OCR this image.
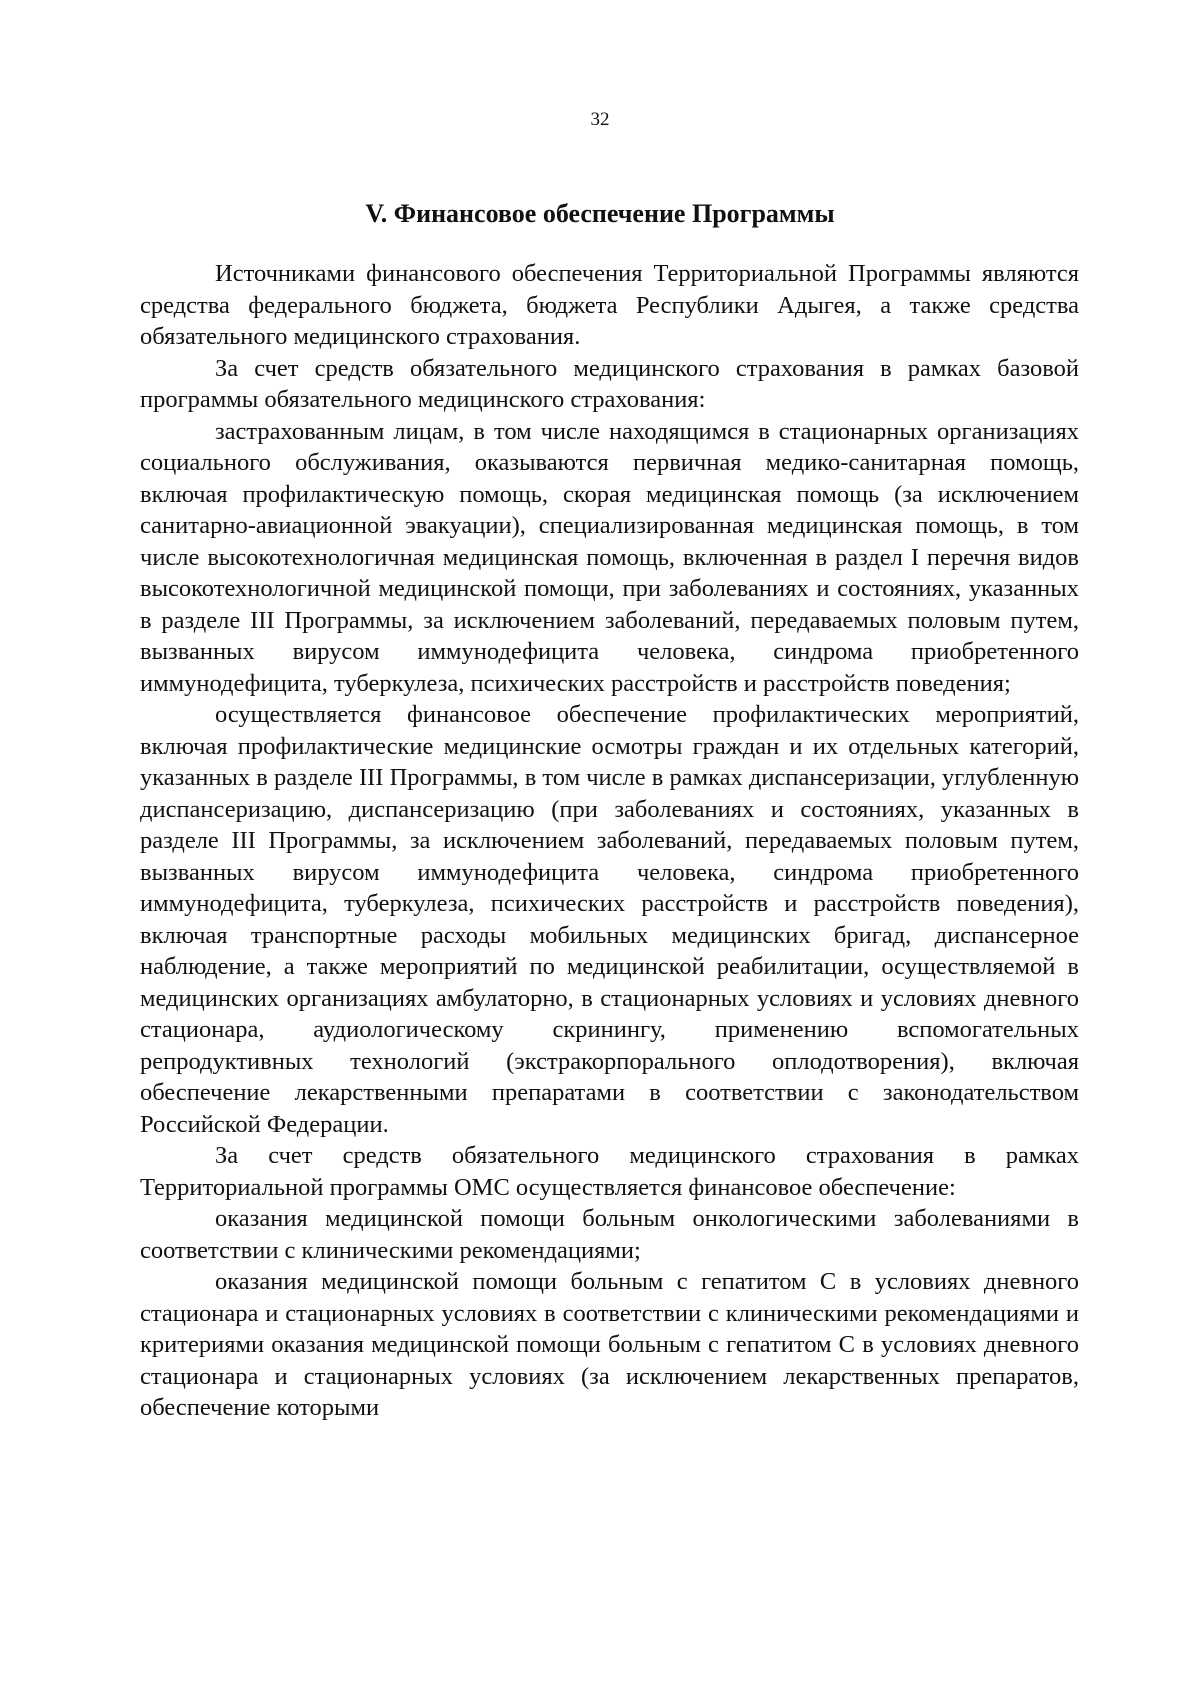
32
V. Финансовое обеспечение Программы

Источниками финансового обеспечения Территориальной Программы являются средства федерального бюджета, бюджета Республики Адыгея, а также средства обязательного медицинского страхования.

За счет средств обязательного медицинского страхования в рамках базовой программы обязательного медицинского страхования:

застрахованным лицам, в том числе находящимся в стационарных организациях социального обслуживания, оказываются первичная медико-санитарная помощь, включая профилактическую помощь, скорая медицинская помощь (за исключением санитарно-авиационной эвакуации), специализированная медицинская помощь, в том числе высокотехнологичная медицинская помощь, включенная в раздел I перечня видов высокотехнологичной медицинской помощи, при заболеваниях и состояниях, указанных в разделе III Программы, за исключением заболеваний, передаваемых половым путем, вызванных вирусом иммунодефицита человека, синдрома приобретенного иммунодефицита, туберкулеза, психических расстройств и расстройств поведения;

осуществляется финансовое обеспечение профилактических мероприятий, включая профилактические медицинские осмотры граждан и их отдельных категорий, указанных в разделе III Программы, в том числе в рамках диспансеризации, углубленную диспансеризацию, диспансеризацию (при заболеваниях и состояниях, указанных в разделе III Программы, за исключением заболеваний, передаваемых половым путем, вызванных вирусом иммунодефицита человека, синдрома приобретенного иммунодефицита, туберкулеза, психических расстройств и расстройств поведения), включая транспортные расходы мобильных медицинских бригад, диспансерное наблюдение, а также мероприятий по медицинской реабилитации, осуществляемой в медицинских организациях амбулаторно, в стационарных условиях и условиях дневного стационара, аудиологическому скринингу, применению вспомогательных репродуктивных технологий (экстракорпорального оплодотворения), включая обеспечение лекарственными препаратами в соответствии с законодательством Российской Федерации.

За счет средств обязательного медицинского страхования в рамках Территориальной программы ОМС осуществляется финансовое обеспечение:

оказания медицинской помощи больным онкологическими заболеваниями в соответствии с клиническими рекомендациями;

оказания медицинской помощи больным с гепатитом С в условиях дневного стационара и стационарных условиях в соответствии с клиническими рекомендациями и критериями оказания медицинской помощи больным с гепатитом С в условиях дневного стационара и стационарных условиях (за исключением лекарственных препаратов, обеспечение которыми
